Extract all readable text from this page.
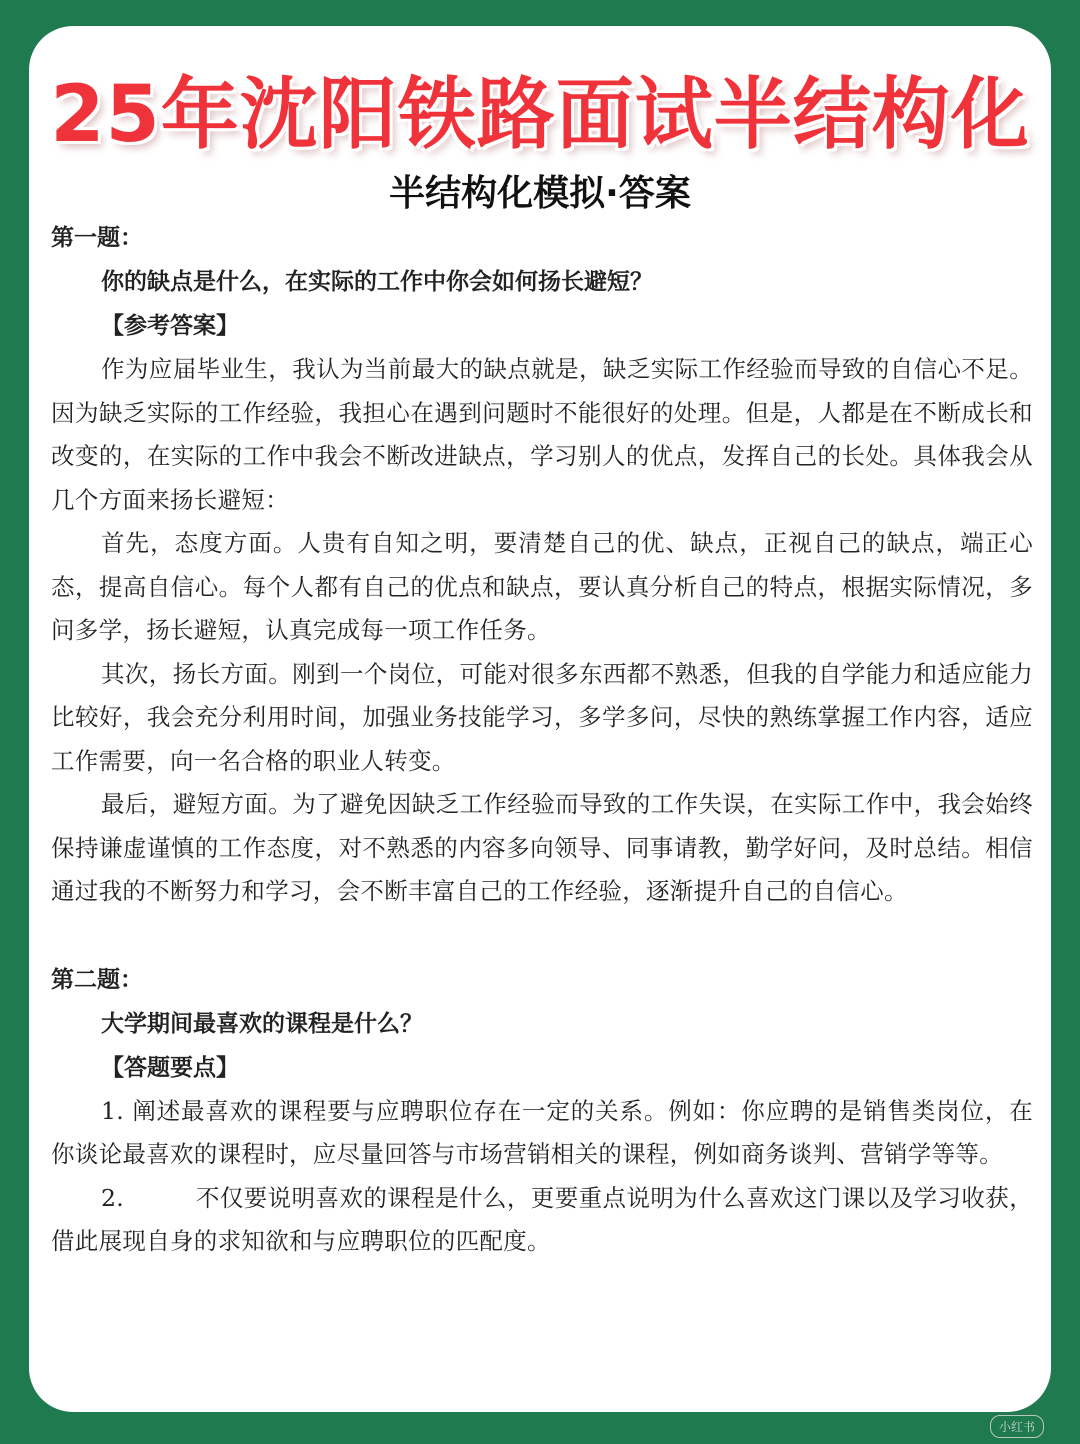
25年沈阳铁路面试半结构化
半结构化模拟·答案
第一题：
你的缺点是什么，在实际的工作中你会如何扬长避短？
【参考答案】

作为应届毕业生，我认为当前最大的缺点就是，缺乏实际工作经验而导致的自信心不足。因为缺乏实际的工作经验，我担心在遇到问题时不能很好的处理。但是，人都是在不断成长和改变的，在实际的工作中我会不断改进缺点，学习别人的优点，发挥自己的长处。具体我会从几个方面来扬长避短：

首先，态度方面。人贵有自知之明，要清楚自己的优、缺点，正视自己的缺点，端正心态，提高自信心。每个人都有自己的优点和缺点，要认真分析自己的特点，根据实际情况，多问多学，扬长避短，认真完成每一项工作任务。

其次，扬长方面。刚到一个岗位，可能对很多东西都不熟悉，但我的自学能力和适应能力比较好，我会充分利用时间，加强业务技能学习，多学多问，尽快的熟练掌握工作内容，适应工作需要，向一名合格的职业人转变。

最后，避短方面。为了避免因缺乏工作经验而导致的工作失误，在实际工作中，我会始终保持谦虚谨慎的工作态度，对不熟悉的内容多向领导、同事请教，勤学好问，及时总结。相信通过我的不断努力和学习，会不断丰富自己的工作经验，逐渐提升自己的自信心。

第二题：
大学期间最喜欢的课程是什么？
【答题要点】

1. 阐述最喜欢的课程要与应聘职位存在一定的关系。例如：你应聘的是销售类岗位，在你谈论最喜欢的课程时，应尽量回答与市场营销相关的课程，例如商务谈判、营销学等等。

2.　　　不仅要说明喜欢的课程是什么，更要重点说明为什么喜欢这门课以及学习收获，借此展现自身的求知欲和与应聘职位的匹配度。

小红书
